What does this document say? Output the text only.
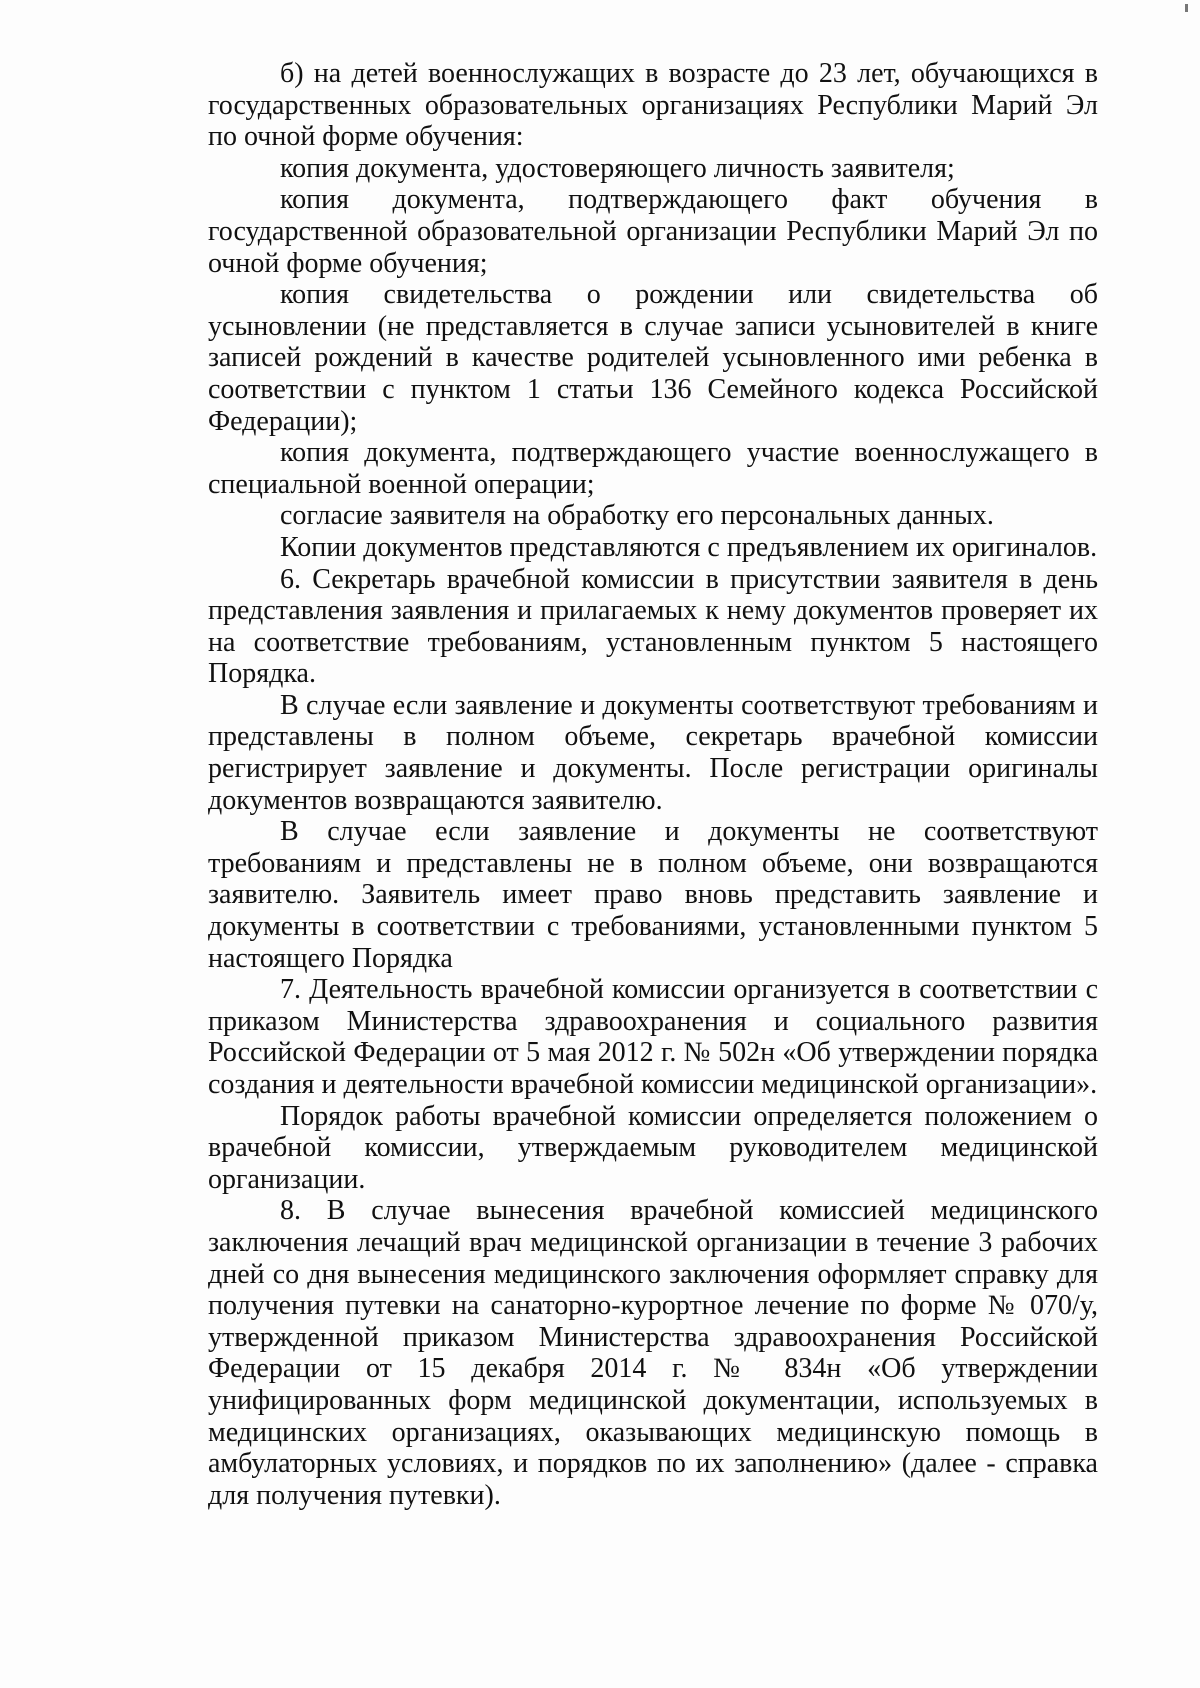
б) на детей военнослужащих в возрасте до 23 лет, обучающихся в государственных образовательных организациях Республики Марий Эл по очной форме обучения:

копия документа, удостоверяющего личность заявителя;

копия документа, подтверждающего факт обучения в государственной образовательной организации Республики Марий Эл по очной форме обучения;

копия свидетельства о рождении или свидетельства об усыновлении (не представляется в случае записи усыновителей в книге записей рождений в качестве родителей усыновленного ими ребенка в соответствии с пунктом 1 статьи 136 Семейного кодекса Российской Федерации);

копия документа, подтверждающего участие военнослужащего в специальной военной операции;

согласие заявителя на обработку его персональных данных.

Копии документов представляются с предъявлением их оригиналов.

6. Секретарь врачебной комиссии в присутствии заявителя в день представления заявления и прилагаемых к нему документов проверяет их на соответствие требованиям, установленным пунктом 5 настоящего Порядка.

В случае если заявление и документы соответствуют требованиям и представлены в полном объеме, секретарь врачебной комиссии регистрирует заявление и документы. После регистрации оригиналы документов возвращаются заявителю.

В случае если заявление и документы не соответствуют требованиям и представлены не в полном объеме, они возвращаются заявителю. Заявитель имеет право вновь представить заявление и документы в соответствии с требованиями, установленными пунктом 5 настоящего Порядка

7. Деятельность врачебной комиссии организуется в соответствии с приказом Министерства здравоохранения и социального развития Российской Федерации от 5 мая 2012 г. № 502н «Об утверждении порядка создания и деятельности врачебной комиссии медицинской организации».

Порядок работы врачебной комиссии определяется положением о врачебной комиссии, утверждаемым руководителем медицинской организации.

8. В случае вынесения врачебной комиссией медицинского заключения лечащий врач медицинской организации в течение 3 рабочих дней со дня вынесения медицинского заключения оформляет справку для получения путевки на санаторно-курортное лечение по форме № 070/у, утвержденной приказом Министерства здравоохранения Российской Федерации от 15 декабря 2014 г. № 834н «Об утверждении унифицированных форм медицинской документации, используемых в медицинских организациях, оказывающих медицинскую помощь в амбулаторных условиях, и порядков по их заполнению» (далее - справка для получения путевки).
